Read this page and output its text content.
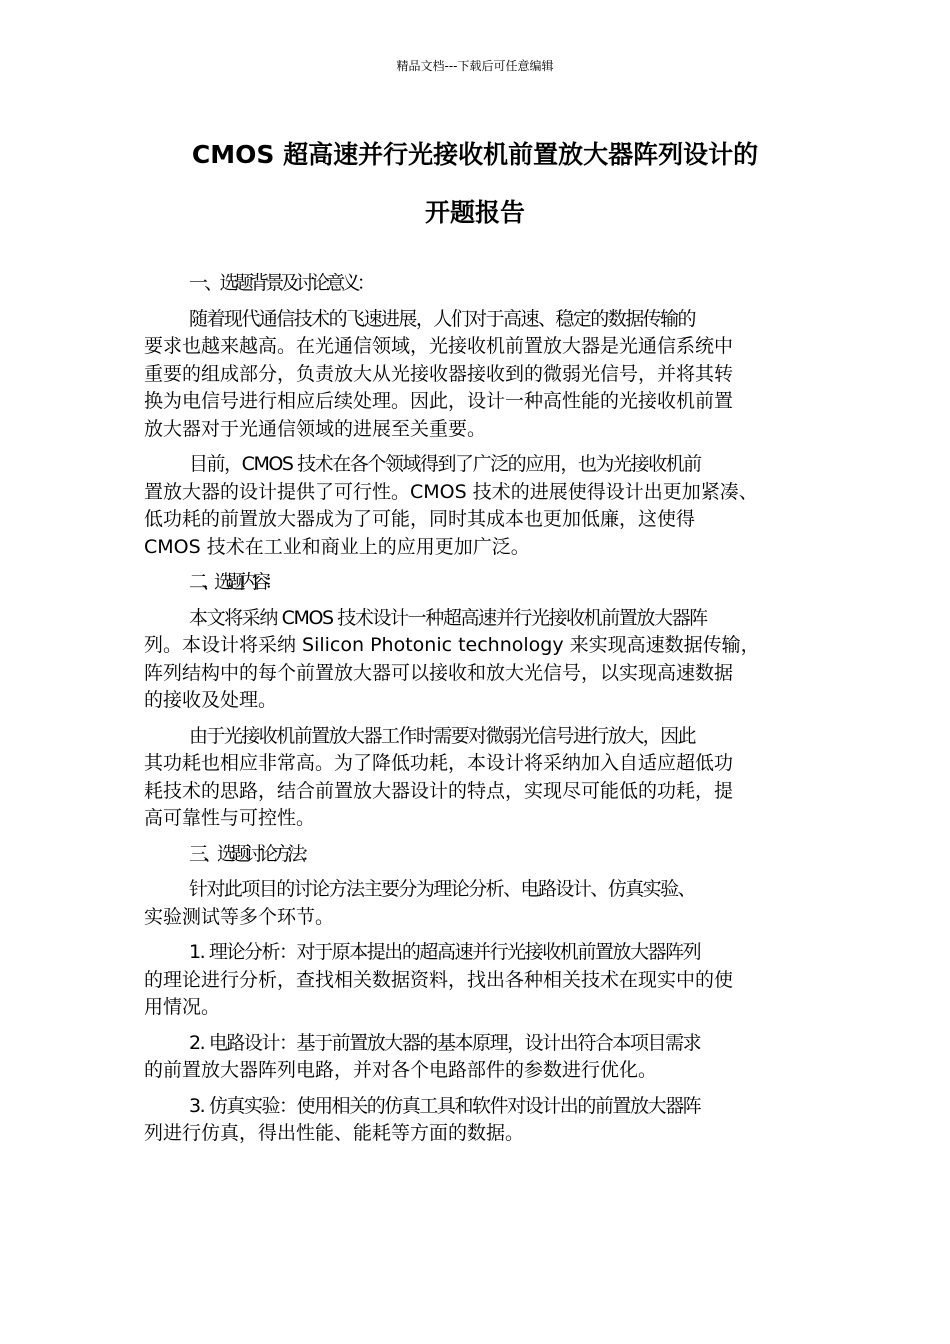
精品文档---下载后可任意编辑
CMOS 超高速并行光接收机前置放大器阵列设计的
开题报告

一、选题背景及讨论意义：

随着现代通信技术的飞速进展，人们对于高速、稳定的数据传输的
要求也越来越高。在光通信领域，光接收机前置放大器是光通信系统中
重要的组成部分，负责放大从光接收器接收到的微弱光信号，并将其转
换为电信号进行相应后续处理。因此，设计一种高性能的光接收机前置
放大器对于光通信领域的进展至关重要。

目前，CMOS 技术在各个领域得到了广泛的应用，也为光接收机前
置放大器的设计提供了可行性。CMOS 技术的进展使得设计出更加紧凑、
低功耗的前置放大器成为了可能，同时其成本也更加低廉，这使得
CMOS 技术在工业和商业上的应用更加广泛。

二、选题内容：

本文将采纳 CMOS 技术设计一种超高速并行光接收机前置放大器阵
列。本设计将采纳 Silicon Photonic technology 来实现高速数据传输，
阵列结构中的每个前置放大器可以接收和放大光信号，以实现高速数据
的接收及处理。

由于光接收机前置放大器工作时需要对微弱光信号进行放大，因此
其功耗也相应非常高。为了降低功耗，本设计将采纳加入自适应超低功
耗技术的思路，结合前置放大器设计的特点，实现尽可能低的功耗，提
高可靠性与可控性。

三、选题讨论方法：

针对此项目的讨论方法主要分为理论分析、电路设计、仿真实验、
实验测试等多个环节。

1. 理论分析：对于原本提出的超高速并行光接收机前置放大器阵列
的理论进行分析，查找相关数据资料，找出各种相关技术在现实中的使
用情况。

2. 电路设计：基于前置放大器的基本原理，设计出符合本项目需求
的前置放大器阵列电路，并对各个电路部件的参数进行优化。

3. 仿真实验：使用相关的仿真工具和软件对设计出的前置放大器阵
列进行仿真，得出性能、能耗等方面的数据。
